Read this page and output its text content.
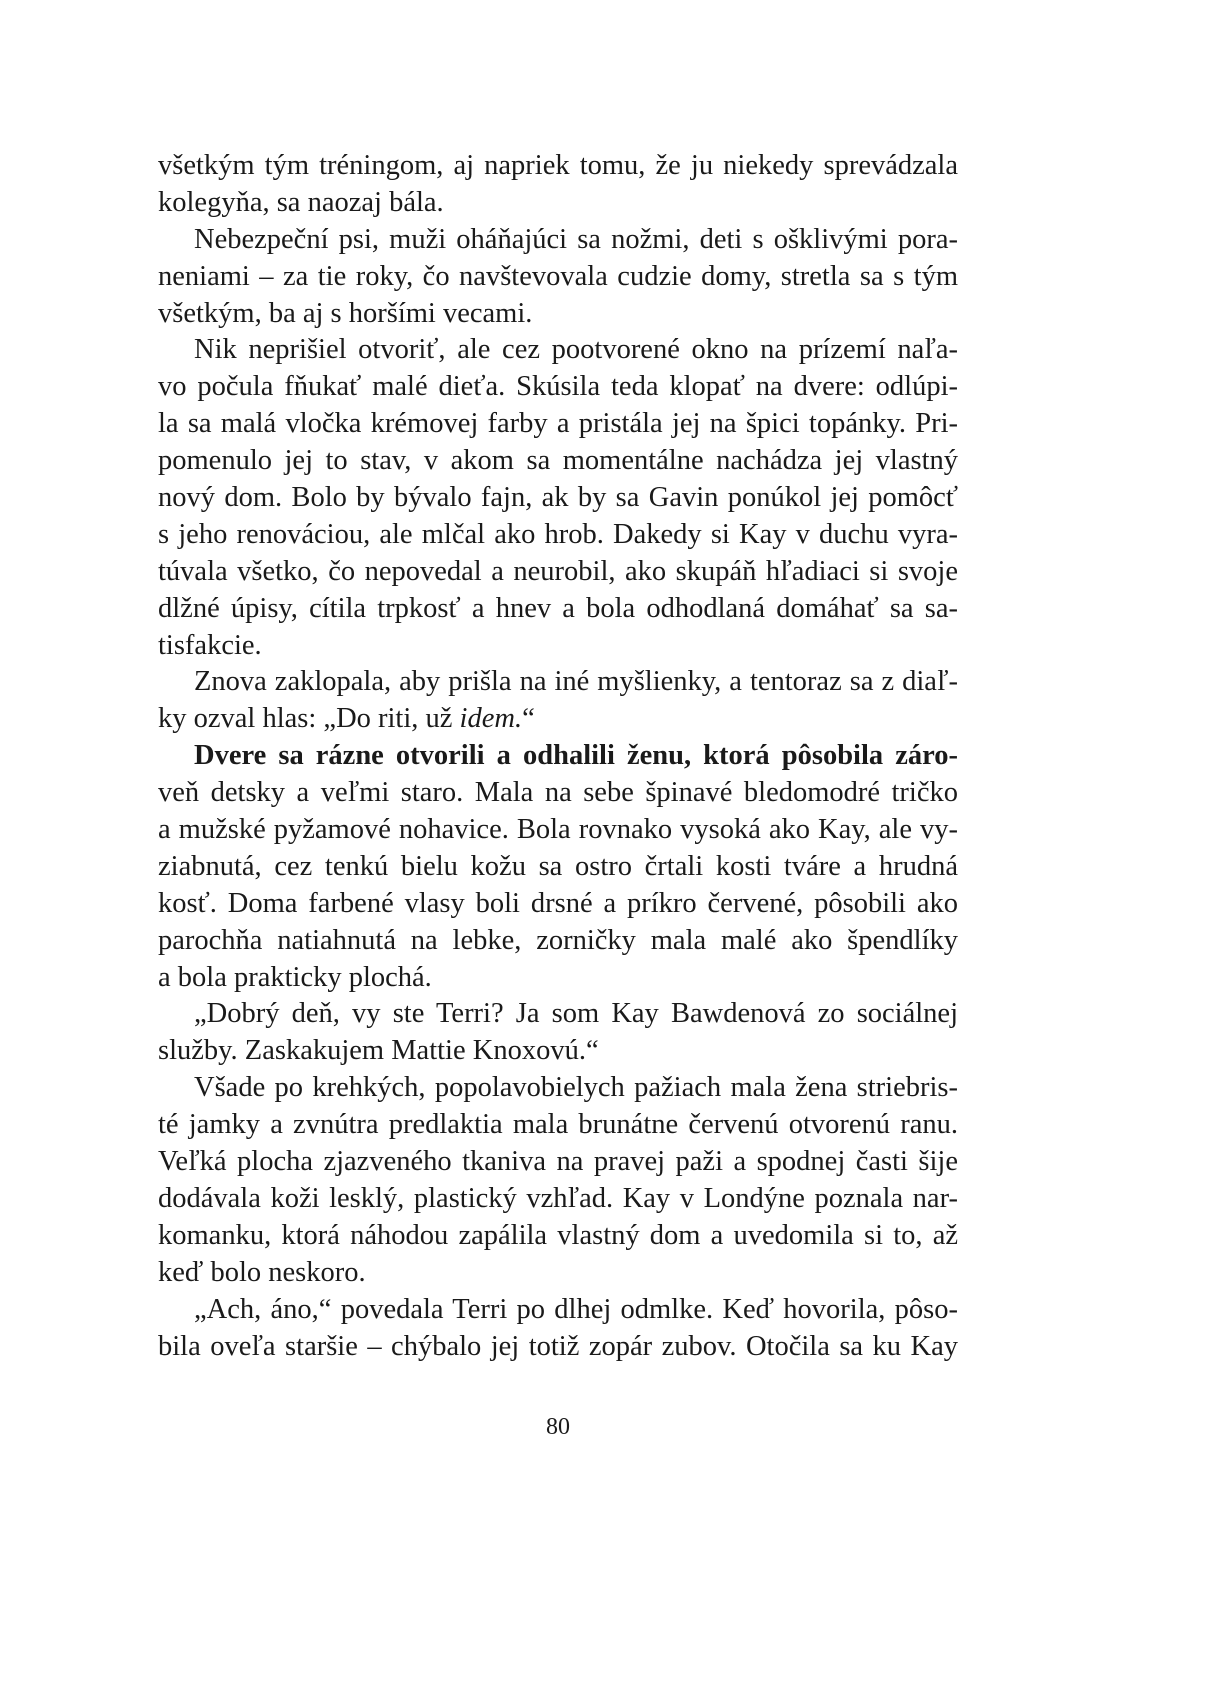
všetkým tým tréningom, aj napriek tomu, že ju niekedy sprevádzala
kolegyňa, sa naozaj bála.
Nebezpeční psi, muži oháňajúci sa nožmi, deti s ošklivými pora-
neniami – za tie roky, čo navštevovala cudzie domy, stretla sa s tým
všetkým, ba aj s horšími vecami.
Nik neprišiel otvoriť, ale cez pootvorené okno na prízemí naľa-
vo počula fňukať malé dieťa. Skúsila teda klopať na dvere: odlúpi-
la sa malá vločka krémovej farby a pristála jej na špici topánky. Pri-
pomenulo jej to stav, v akom sa momentálne nachádza jej vlastný
nový dom. Bolo by bývalo fajn, ak by sa Gavin ponúkol jej pomôcť
s jeho renováciou, ale mlčal ako hrob. Dakedy si Kay v duchu vyra-
túvala všetko, čo nepovedal a neurobil, ako skupáň hľadiaci si svoje
dlžné úpisy, cítila trpkosť a hnev a bola odhodlaná domáhať sa sa-
tisfakcie.
Znova zaklopala, aby prišla na iné myšlienky, a tentoraz sa z diaľ-
ky ozval hlas: „Do riti, už idem.“
Dvere sa rázne otvorili a odhalili ženu, ktorá pôsobila záro-
veň detsky a veľmi staro. Mala na sebe špinavé bledomodré tričko
a mužské pyžamové nohavice. Bola rovnako vysoká ako Kay, ale vy-
ziabnutá, cez tenkú bielu kožu sa ostro črtali kosti tváre a hrudná
kosť. Doma farbené vlasy boli drsné a príkro červené, pôsobili ako
parochňa natiahnutá na lebke, zorničky mala malé ako špendlíky
a bola prakticky plochá.
„Dobrý deň, vy ste Terri? Ja som Kay Bawdenová zo sociálnej
služby. Zaskakujem Mattie Knoxovú.“
Všade po krehkých, popolavobielych pažiach mala žena striebris-
té jamky a zvnútra predlaktia mala brunátne červenú otvorenú ranu.
Veľká plocha zjazveného tkaniva na pravej paži a spodnej časti šije
dodávala koži lesklý, plastický vzhľad. Kay v Londýne poznala nar-
komanku, ktorá náhodou zapálila vlastný dom a uvedomila si to, až
keď bolo neskoro.
„Ach, áno,“ povedala Terri po dlhej odmlke. Keď hovorila, pôso-
bila oveľa staršie – chýbalo jej totiž zopár zubov. Otočila sa ku Kay
80
